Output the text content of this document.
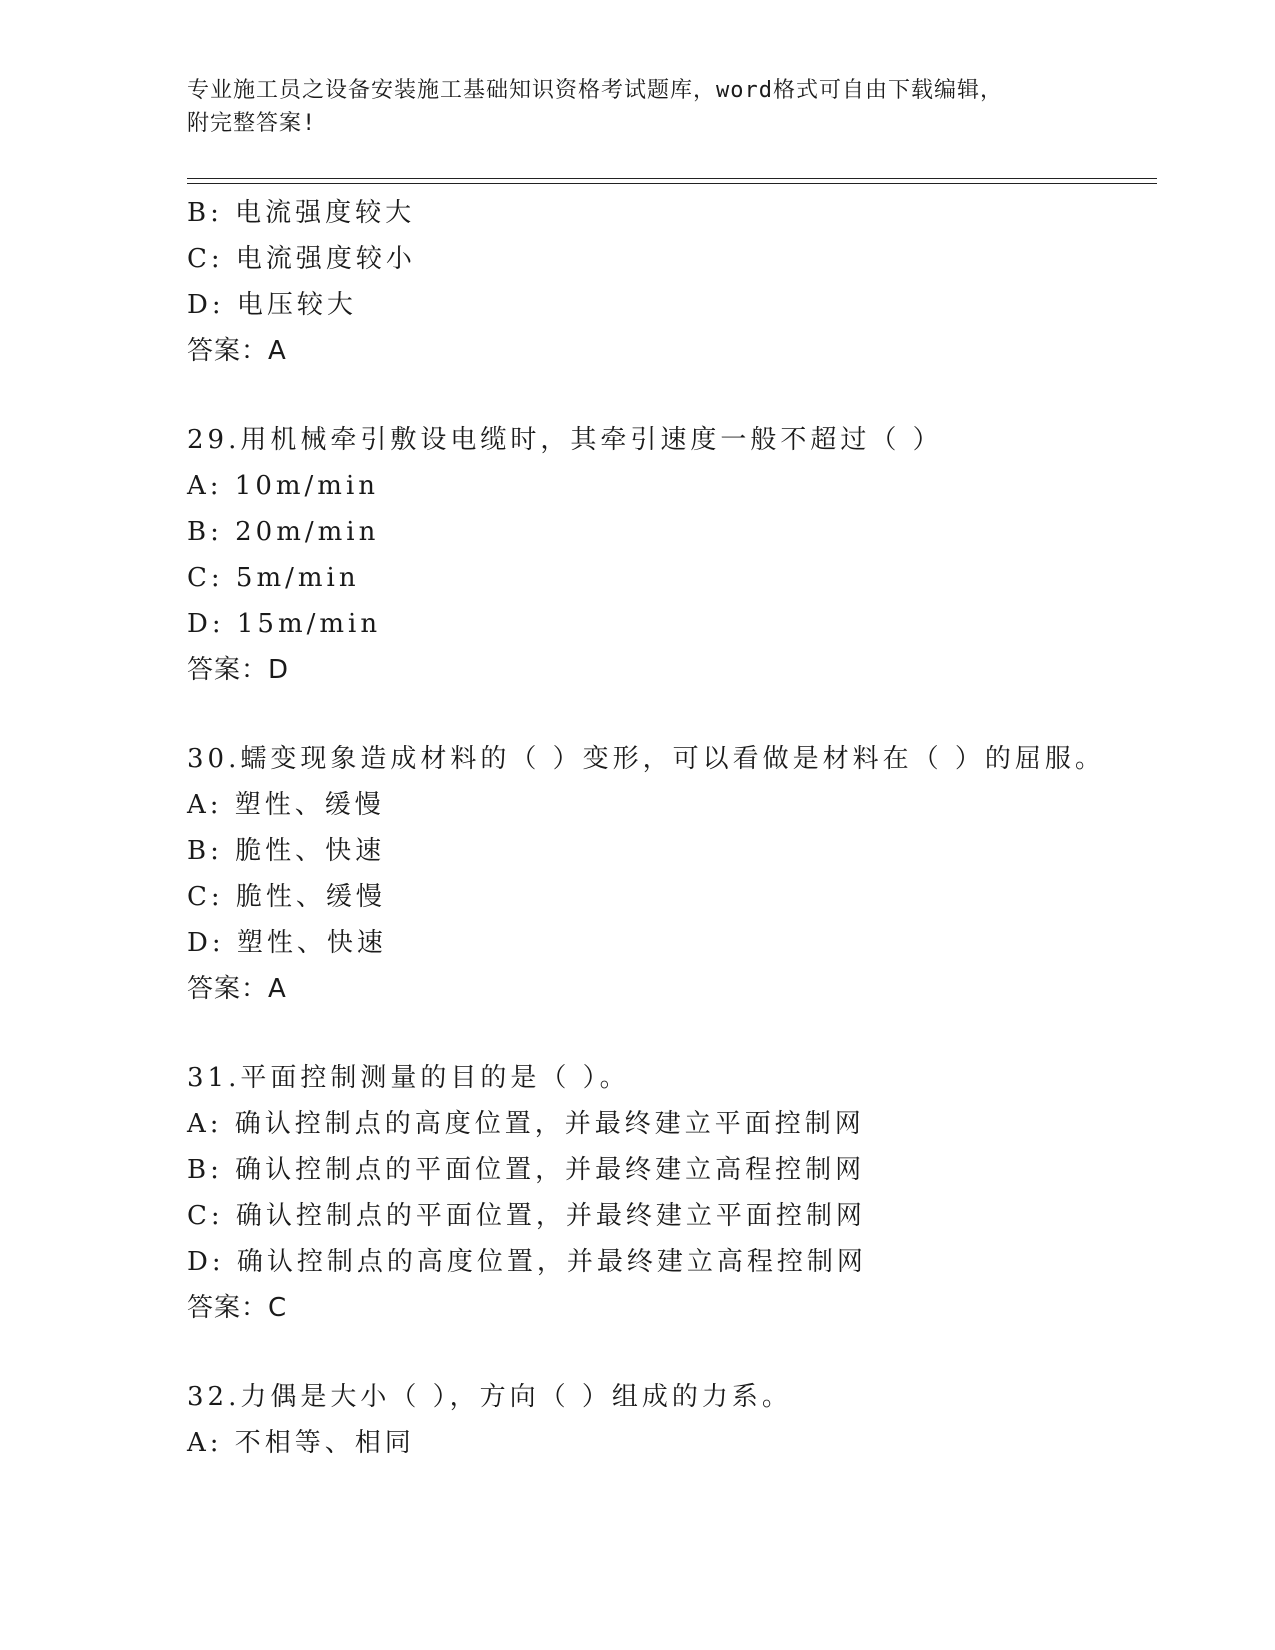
专业施工员之设备安装施工基础知识资格考试题库，word格式可自由下载编辑，
附完整答案!
B: 电流强度较大
C: 电流强度较小
D: 电压较大
答案：A
29.用机械牵引敷设电缆时，其牵引速度一般不超过（ ）
A: 10m/min
B: 20m/min
C: 5m/min
D: 15m/min
答案：D
30.蠕变现象造成材料的（ ）变形，可以看做是材料在（ ）的屈服。
A: 塑性、缓慢
B: 脆性、快速
C: 脆性、缓慢
D: 塑性、快速
答案：A
31.平面控制测量的目的是（ ）。
A: 确认控制点的高度位置，并最终建立平面控制网
B: 确认控制点的平面位置，并最终建立高程控制网
C: 确认控制点的平面位置，并最终建立平面控制网
D: 确认控制点的高度位置，并最终建立高程控制网
答案：C
32.力偶是大小（ ），方向（ ）组成的力系。
A: 不相等、相同
